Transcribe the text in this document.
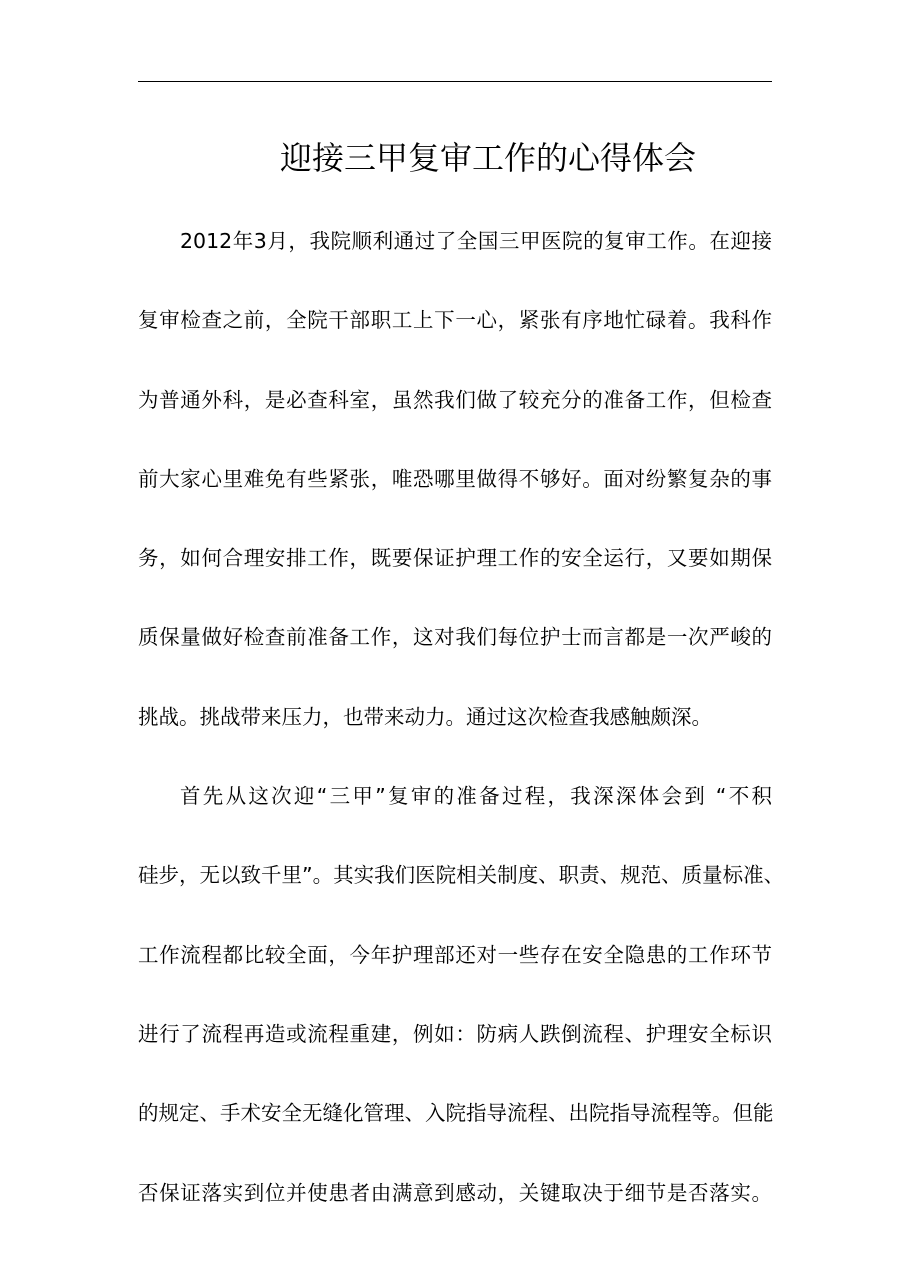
迎接三甲复审工作的心得体会

2012年3月，我院顺利通过了全国三甲医院的复审工作。在迎接
复审检查之前，全院干部职工上下一心，紧张有序地忙碌着。我科作
为普通外科，是必查科室，虽然我们做了较充分的准备工作，但检查
前大家心里难免有些紧张，唯恐哪里做得不够好。面对纷繁复杂的事
务，如何合理安排工作，既要保证护理工作的安全运行，又要如期保
质保量做好检查前准备工作，这对我们每位护士而言都是一次严峻的
挑战。挑战带来压力，也带来动力。通过这次检查我感触颇深。

首先从这次迎“三甲”复审的准备过程，我深深体会到 “不积
硅步，无以致千里”。其实我们医院相关制度、职责、规范、质量标准、
工作流程都比较全面，今年护理部还对一些存在安全隐患的工作环节
进行了流程再造或流程重建，例如：防病人跌倒流程、护理安全标识
的规定、手术安全无缝化管理、入院指导流程、出院指导流程等。但能
否保证落实到位并使患者由满意到感动，关键取决于细节是否落实。
